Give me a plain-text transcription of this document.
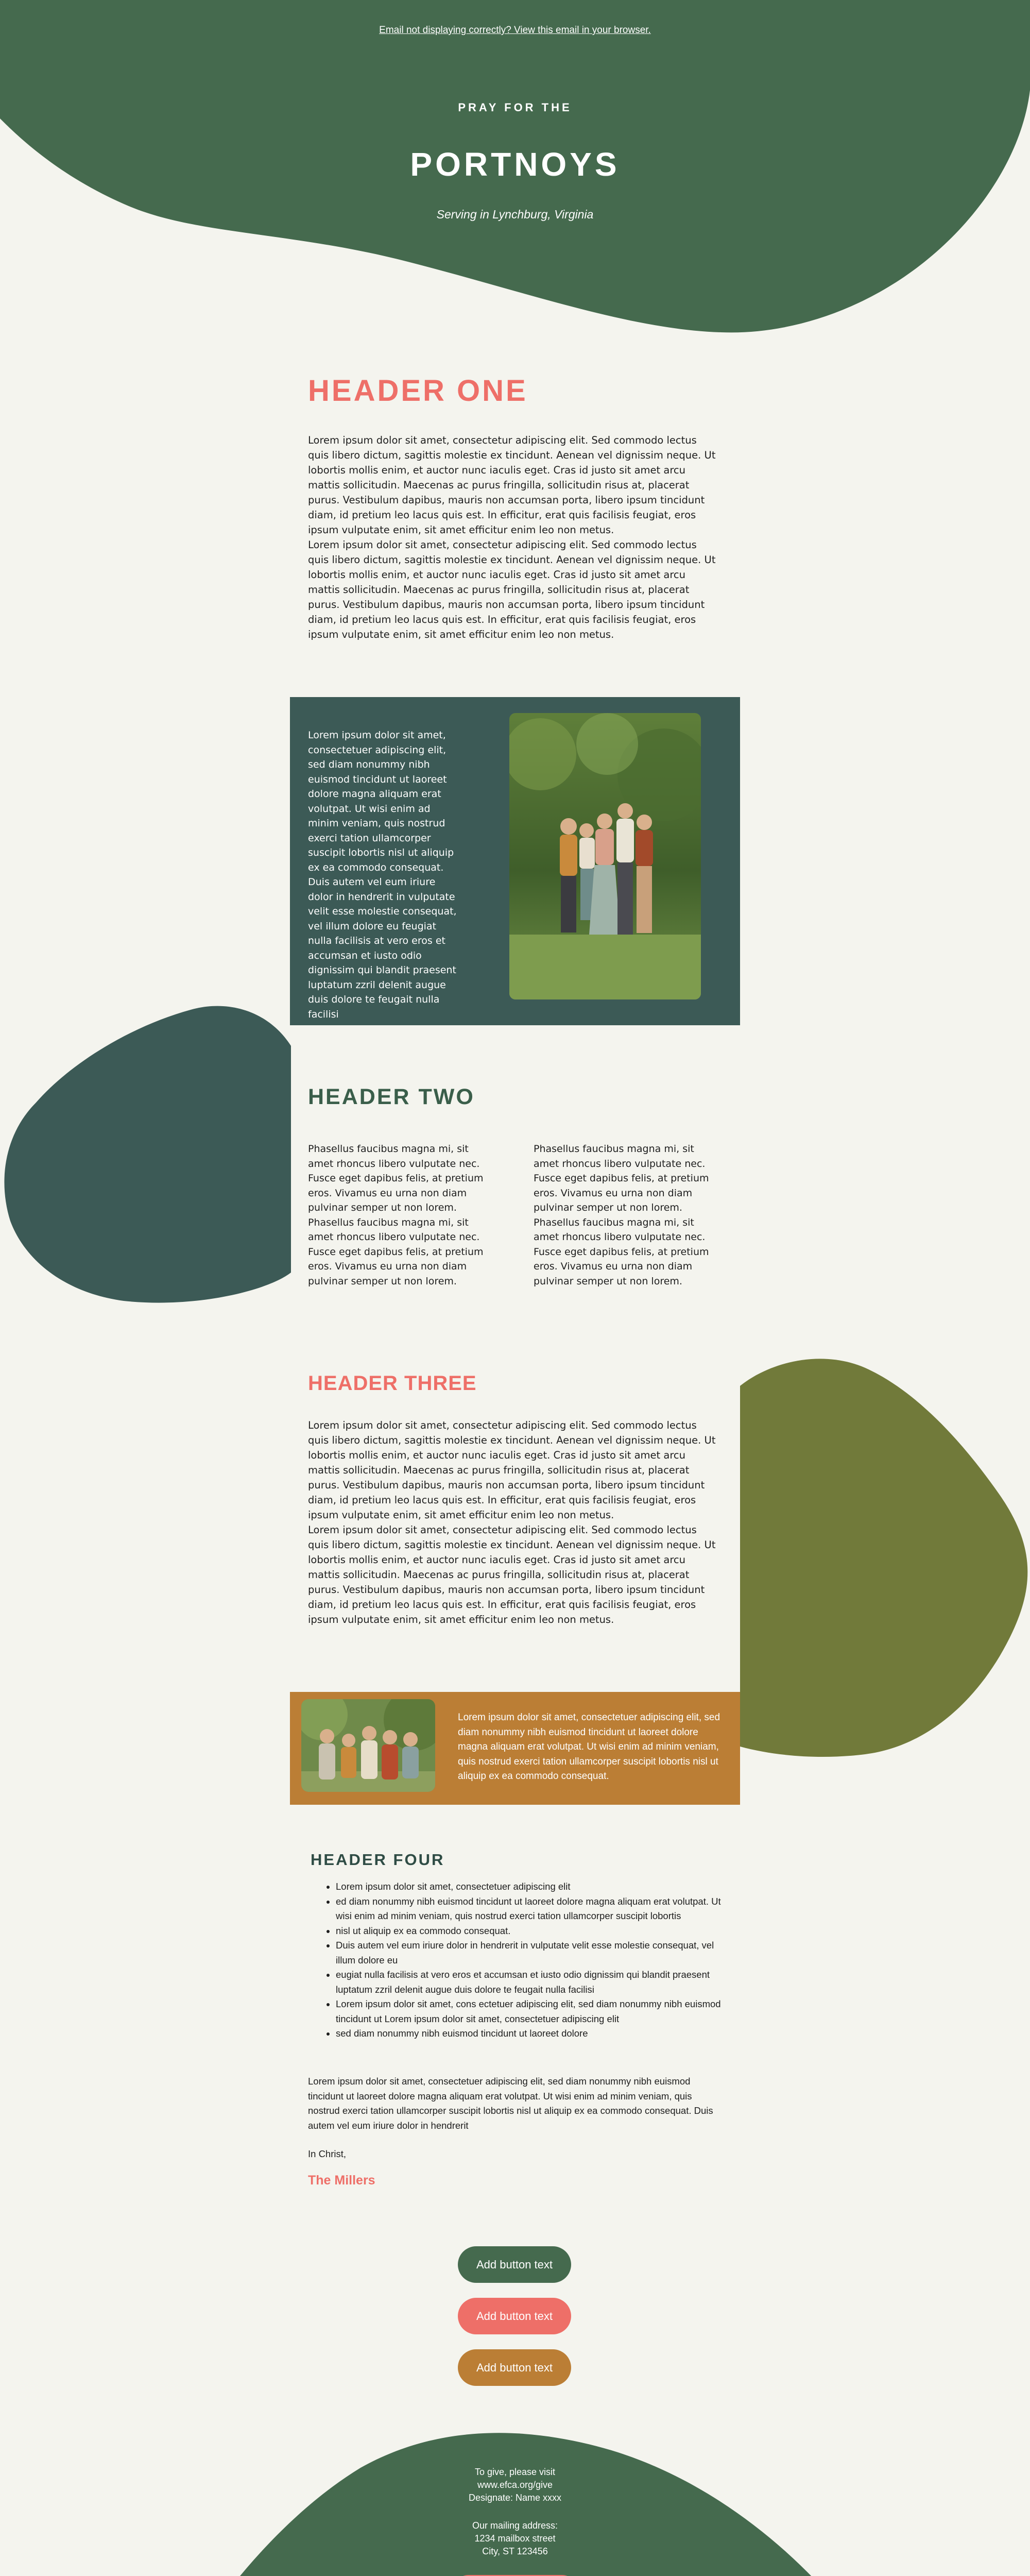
Email not displaying correctly? View this email in your browser.
PRAY FOR THE
PORTNOYS
Serving in Lynchburg, Virginia
HEADER ONE
Lorem ipsum dolor sit amet, consectetur adipiscing elit. Sed commodo lectus quis libero dictum, sagittis molestie ex tincidunt. Aenean vel dignissim neque. Ut lobortis mollis enim, et auctor nunc iaculis eget. Cras id justo sit amet arcu mattis sollicitudin. Maecenas ac purus fringilla, sollicitudin risus at, placerat purus. Vestibulum dapibus, mauris non accumsan porta, libero ipsum tincidunt diam, id pretium leo lacus quis est. In efficitur, erat quis facilisis feugiat, eros ipsum vulputate enim, sit amet efficitur enim leo non metus.
Lorem ipsum dolor sit amet, consectetur adipiscing elit. Sed commodo lectus quis libero dictum, sagittis molestie ex tincidunt. Aenean vel dignissim neque. Ut lobortis mollis enim, et auctor nunc iaculis eget. Cras id justo sit amet arcu mattis sollicitudin. Maecenas ac purus fringilla, sollicitudin risus at, placerat purus. Vestibulum dapibus, mauris non accumsan porta, libero ipsum tincidunt diam, id pretium leo lacus quis est. In efficitur, erat quis facilisis feugiat, eros ipsum vulputate enim, sit amet efficitur enim leo non metus.
Lorem ipsum dolor sit amet, consectetuer adipiscing elit, sed diam nonummy nibh euismod tincidunt ut laoreet dolore magna aliquam erat volutpat. Ut wisi enim ad minim veniam, quis nostrud exerci tation ullamcorper suscipit lobortis nisl ut aliquip ex ea commodo consequat. Duis autem vel eum iriure dolor in hendrerit in vulputate velit esse molestie consequat, vel illum dolore eu feugiat nulla facilisis at vero eros et accumsan et iusto odio dignissim qui blandit praesent luptatum zzril delenit augue duis dolore te feugait nulla facilisi
HEADER TWO
Phasellus faucibus magna mi, sit amet rhoncus libero vulputate nec. Fusce eget dapibus felis, at pretium eros. Vivamus eu urna non diam pulvinar semper ut non lorem.
Phasellus faucibus magna mi, sit amet rhoncus libero vulputate nec. Fusce eget dapibus felis, at pretium eros. Vivamus eu urna non diam pulvinar semper ut non lorem.
Phasellus faucibus magna mi, sit amet rhoncus libero vulputate nec. Fusce eget dapibus felis, at pretium eros. Vivamus eu urna non diam pulvinar semper ut non lorem.
Phasellus faucibus magna mi, sit amet rhoncus libero vulputate nec. Fusce eget dapibus felis, at pretium eros. Vivamus eu urna non diam pulvinar semper ut non lorem.
HEADER THREE
Lorem ipsum dolor sit amet, consectetur adipiscing elit. Sed commodo lectus quis libero dictum, sagittis molestie ex tincidunt. Aenean vel dignissim neque. Ut lobortis mollis enim, et auctor nunc iaculis eget. Cras id justo sit amet arcu mattis sollicitudin. Maecenas ac purus fringilla, sollicitudin risus at, placerat purus. Vestibulum dapibus, mauris non accumsan porta, libero ipsum tincidunt diam, id pretium leo lacus quis est. In efficitur, erat quis facilisis feugiat, eros ipsum vulputate enim, sit amet efficitur enim leo non metus.
Lorem ipsum dolor sit amet, consectetur adipiscing elit. Sed commodo lectus quis libero dictum, sagittis molestie ex tincidunt. Aenean vel dignissim neque. Ut lobortis mollis enim, et auctor nunc iaculis eget. Cras id justo sit amet arcu mattis sollicitudin. Maecenas ac purus fringilla, sollicitudin risus at, placerat purus. Vestibulum dapibus, mauris non accumsan porta, libero ipsum tincidunt diam, id pretium leo lacus quis est. In efficitur, erat quis facilisis feugiat, eros ipsum vulputate enim, sit amet efficitur enim leo non metus.
Lorem ipsum dolor sit amet, consectetuer adipiscing elit, sed diam nonummy nibh euismod tincidunt ut laoreet dolore magna aliquam erat volutpat. Ut wisi enim ad minim veniam, quis nostrud exerci tation ullamcorper suscipit lobortis nisl ut aliquip ex ea commodo consequat.
HEADER FOUR
• Lorem ipsum dolor sit amet, consectetuer adipiscing elit
• ed diam nonummy nibh euismod tincidunt ut laoreet dolore magna aliquam erat volutpat. Ut wisi enim ad minim veniam, quis nostrud exerci tation ullamcorper suscipit lobortis
• nisl ut aliquip ex ea commodo consequat.
• Duis autem vel eum iriure dolor in hendrerit in vulputate velit esse molestie consequat, vel illum dolore eu
• eugiat nulla facilisis at vero eros et accumsan et iusto odio dignissim qui blandit praesent luptatum zzril delenit augue duis dolore te feugait nulla facilisi
• Lorem ipsum dolor sit amet, cons ectetuer adipiscing elit, sed diam nonummy nibh euismod tincidunt ut Lorem ipsum dolor sit amet, consectetuer adipiscing elit
• sed diam nonummy nibh euismod tincidunt ut laoreet dolore
Lorem ipsum dolor sit amet, consectetuer adipiscing elit, sed diam nonummy nibh euismod tincidunt ut laoreet dolore magna aliquam erat volutpat. Ut wisi enim ad minim veniam, quis nostrud exerci tation ullamcorper suscipit lobortis nisl ut aliquip ex ea commodo consequat. Duis autem vel eum iriure dolor in hendrerit
In Christ,
The Millers
Add button text
Add button text
Add button text
To give, please visit
www.efca.org/give
Designate: Name xxxx
Our mailing address:
1234 mailbox street
City, ST 123456
